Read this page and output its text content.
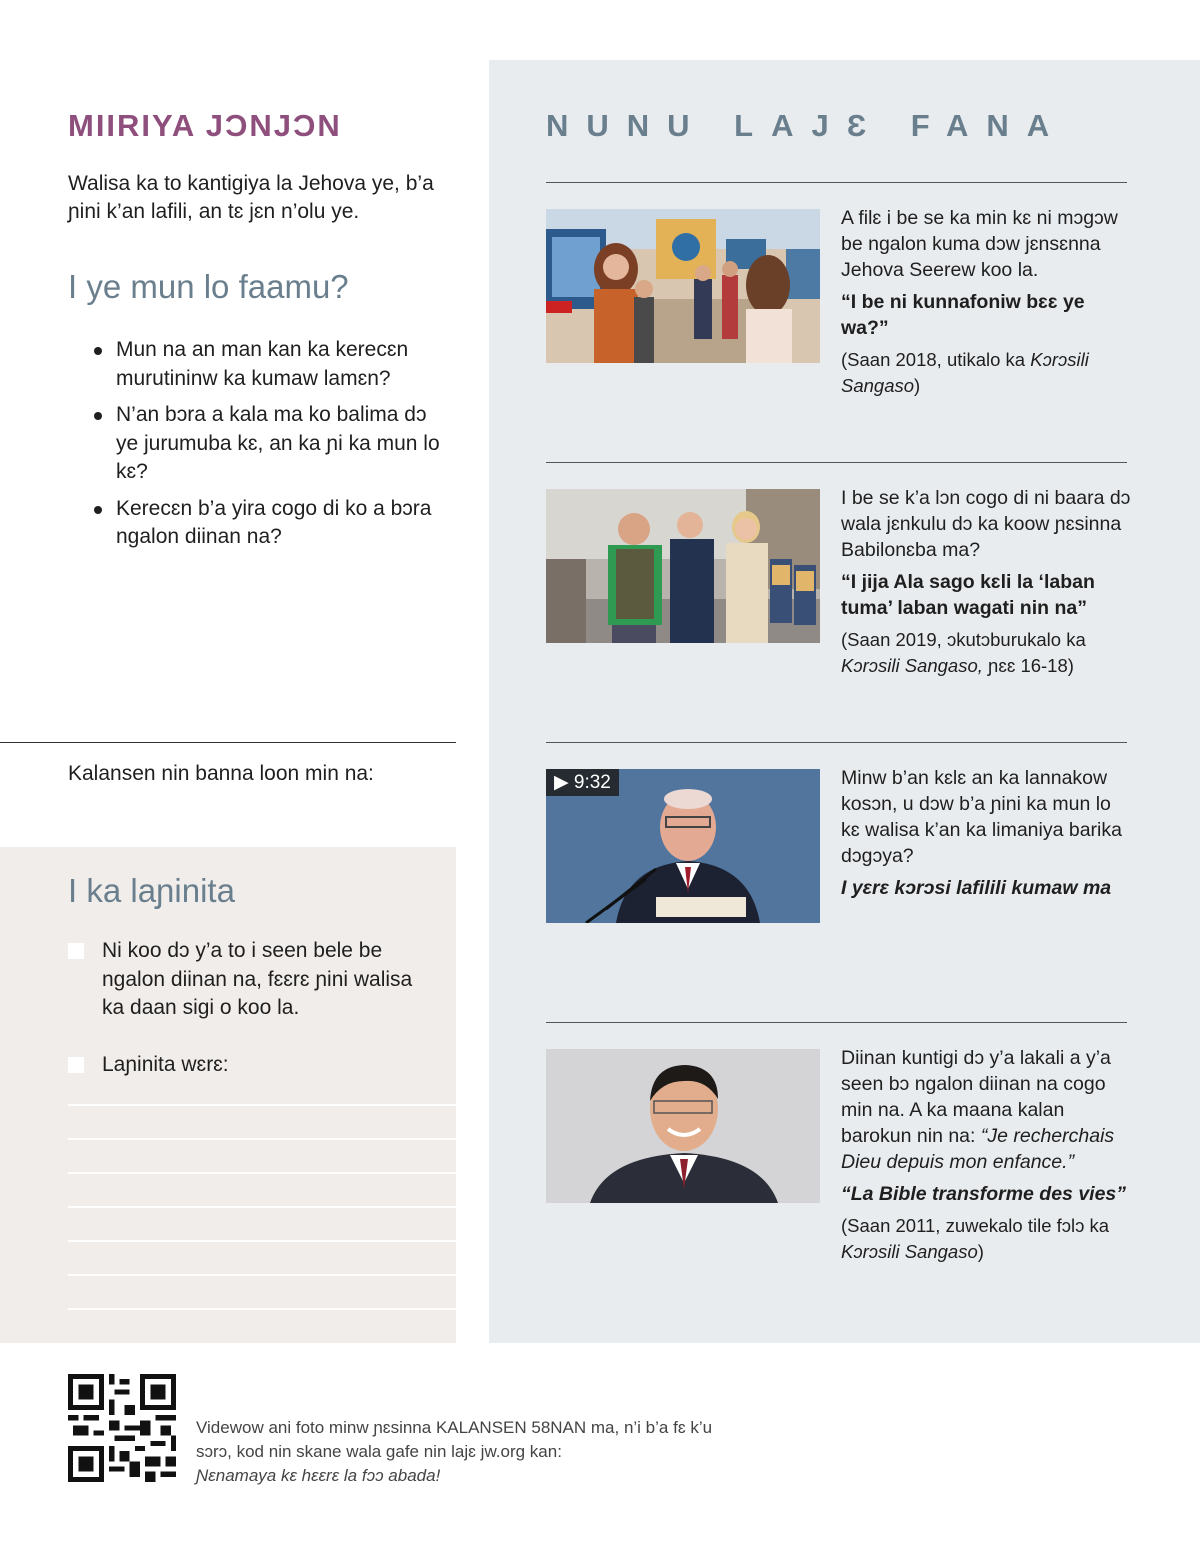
MIIRIYA JƆNJƆN

Walisa ka to kantigiya la Jehova ye, b’a ɲini k’an lafili, an tɛ jɛn n’olu ye.

I ye mun lo faamu?
Mun na an man kan ka kerecɛn murutininw ka kumaw lamɛn?
N’an bɔra a kala ma ko balima dɔ ye jurumuba kɛ, an ka ɲi ka mun lo kɛ?
Kerecɛn b’a yira cogo di ko a bɔra ngalon diinan na?
Kalansen nin banna loon min na:
I ka laɲinita
Ni koo dɔ y’a to i seen bele be ngalon diinan na, fɛɛrɛ ɲini walisa ka daan sigi o koo la.
Laɲinita wɛrɛ:
NUNU LAJƐ FANA

A filɛ i be se ka min kɛ ni mɔgɔw be ngalon kuma dɔw jɛnsɛnna Jehova Seerew koo la.

“I be ni kunnafoniw bɛɛ ye wa?”

(Saan 2018, utikalo ka Kɔrɔsili Sangaso)

I be se k’a lɔn cogo di ni baara dɔ wala jɛnkulu dɔ ka koow ɲɛsinna Babilonɛba ma?

“I jija Ala sago kɛli la ‘laban tuma’ laban wagati nin na”

(Saan 2019, ɔkutɔburukalo ka Kɔrɔsili Sangaso, ɲɛɛ 16-18)

▶ 9:32	Minw b’an kɛlɛ an ka lannakow kosɔn, u dɔw b’a ɲini ka mun lo kɛ walisa k’an ka limaniya barika dɔgɔya?

I yɛrɛ kɔrɔsi lafilili kumaw ma

Diinan kuntigi dɔ y’a lakali a y’a seen bɔ ngalon diinan na cogo min na. A ka maana kalan barokun nin na: “Je recherchais Dieu depuis mon enfance.”

“La Bible transforme des vies”

(Saan 2011, zuwekalo tile fɔlɔ ka Kɔrɔsili Sangaso)

Videwow ani foto minw ɲɛsinna KALANSEN 58NAN ma, n’i b’a fɛ k’u sɔrɔ, kod nin skane wala gafe nin lajɛ jw.org kan:
Ɲɛnamaya kɛ hɛɛrɛ la fɔɔ abada!
